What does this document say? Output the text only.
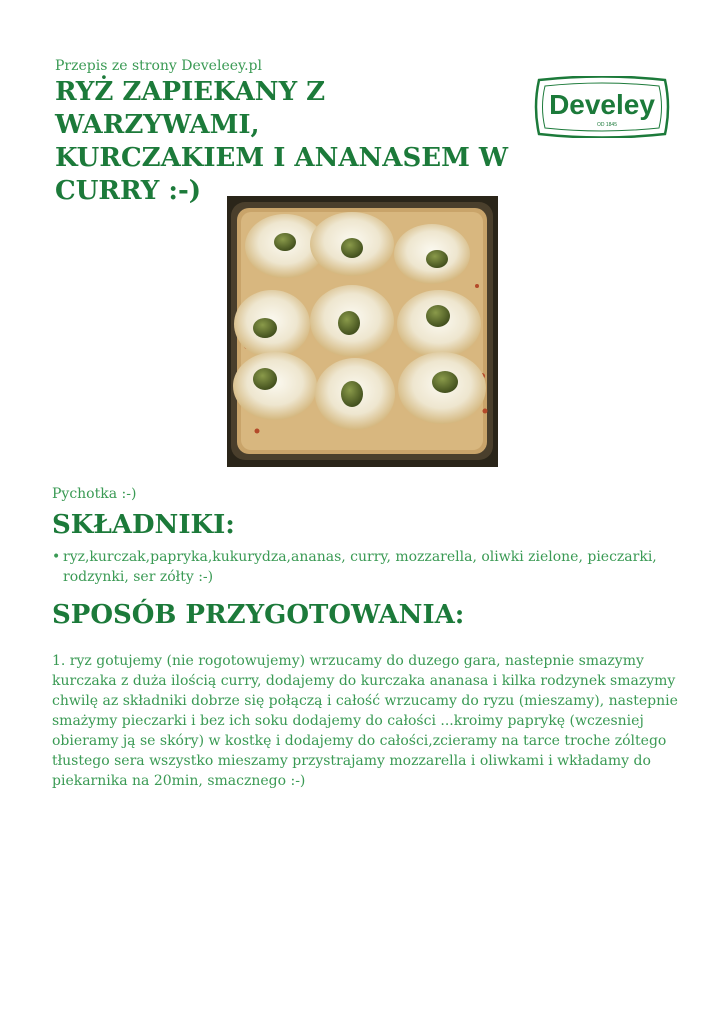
Przepis ze strony Develeey.pl
RYŻ ZAPIEKANY Z WARZYWAMI,
KURCZAKIEM I ANANASEM W
CURRY :-)
Develey
OD 1845
Pychotka :-)
SKŁADNIKI:
• ryz,kurczak,papryka,kukurydza,ananas, curry, mozzarella, oliwki zielone, pieczarki, rodzynki, ser zółty :-)
SPOSÓB PRZYGOTOWANIA:

1. ryz gotujemy (nie rogotowujemy) wrzucamy do duzego gara, nastepnie smazymy kurczaka z duża ilością curry, dodajemy do kurczaka ananasa i kilka rodzynek smazymy chwilę az składniki dobrze się połączą i całość wrzucamy do ryzu (mieszamy), nastepnie smażymy pieczarki i bez ich soku dodajemy do całości ...kroimy paprykę (wczesniej obieramy ją se skóry) w kostkę i dodajemy do całości,zcieramy na tarce troche zóltego tłustego sera wszystko mieszamy przystrajamy mozzarella i oliwkami i wkładamy do piekarnika na 20min, smacznego :-)
